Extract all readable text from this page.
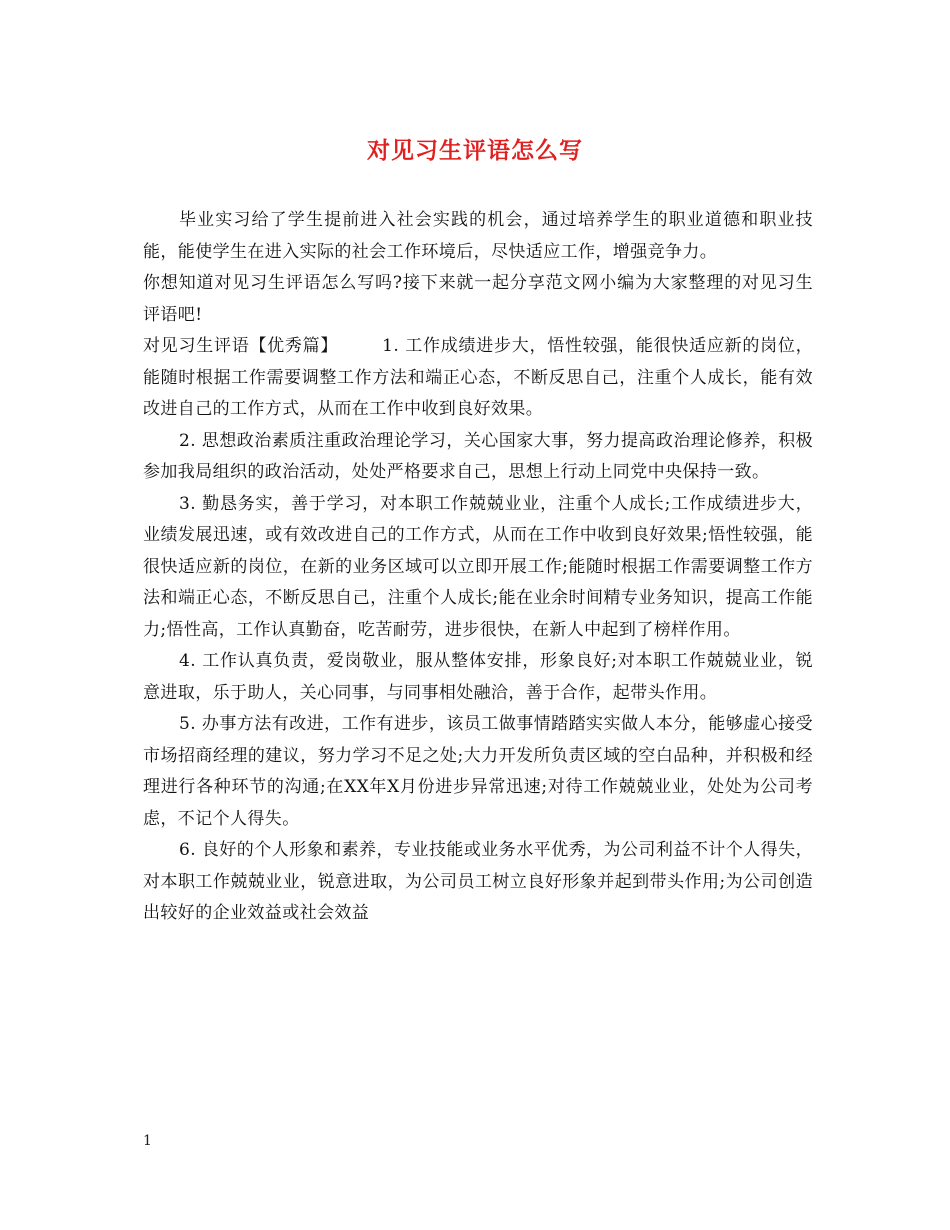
对见习生评语怎么写

毕业实习给了学生提前进入社会实践的机会，通过培养学生的职业道德和职业技能，能使学生在进入实际的社会工作环境后，尽快适应工作，增强竞争力。

你想知道对见习生评语怎么写吗?接下来就一起分享范文网小编为大家整理的对见习生评语吧!

对见习生评语【优秀篇】	1. 工作成绩进步大，悟性较强，能很快适应新的岗位，能随时根据工作需要调整工作方法和端正心态，不断反思自己，注重个人成长，能有效改进自己的工作方式，从而在工作中收到良好效果。

2. 思想政治素质注重政治理论学习，关心国家大事，努力提高政治理论修养，积极参加我局组织的政治活动，处处严格要求自己，思想上行动上同党中央保持一致。

3. 勤恳务实，善于学习，对本职工作兢兢业业，注重个人成长;工作成绩进步大，业绩发展迅速，或有效改进自己的工作方式，从而在工作中收到良好效果;悟性较强，能很快适应新的岗位，在新的业务区域可以立即开展工作;能随时根据工作需要调整工作方法和端正心态，不断反思自己，注重个人成长;能在业余时间精专业务知识，提高工作能力;悟性高，工作认真勤奋，吃苦耐劳，进步很快，在新人中起到了榜样作用。

4. 工作认真负责，爱岗敬业，服从整体安排，形象良好;对本职工作兢兢业业，锐意进取，乐于助人，关心同事，与同事相处融洽，善于合作，起带头作用。

5. 办事方法有改进，工作有进步，该员工做事情踏踏实实做人本分，能够虚心接受市场招商经理的建议，努力学习不足之处;大力开发所负责区域的空白品种，并积极和经理进行各种环节的沟通;在XX年X月份进步异常迅速;对待工作兢兢业业，处处为公司考虑，不记个人得失。

6. 良好的个人形象和素养，专业技能或业务水平优秀，为公司利益不计个人得失，对本职工作兢兢业业，锐意进取，为公司员工树立良好形象并起到带头作用;为公司创造出较好的企业效益或社会效益

1
